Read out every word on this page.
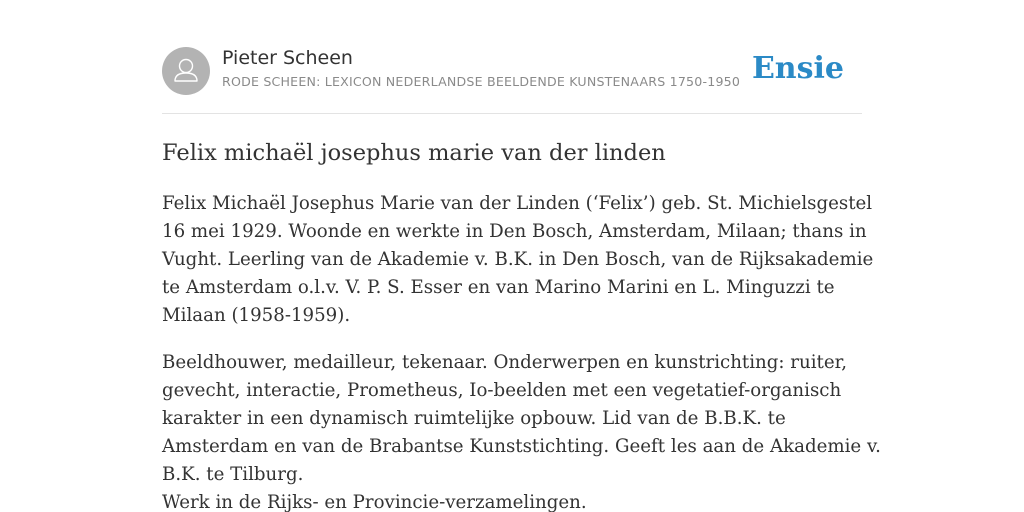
Pieter Scheen
RODE SCHEEN: LEXICON NEDERLANDSE BEELDENDE KUNSTENAARS 1750-1950 Ensie
Felix michaël josephus marie van der linden

Felix Michaël Josephus Marie van der Linden (‘Felix’) geb. St. Michielsgestel 16 mei 1929. Woonde en werkte in Den Bosch, Amsterdam, Milaan; thans in Vught. Leerling van de Akademie v. B.K. in Den Bosch, van de Rijksakademie te Amsterdam o.l.v. V. P. S. Esser en van Marino Marini en L. Minguzzi te Milaan (1958-1959).

Beeldhouwer, medailleur, tekenaar. Onderwerpen en kunstrichting: ruiter, gevecht, interactie, Prometheus, Io-beelden met een vegetatief-organisch karakter in een dynamisch ruimtelijke opbouw. Lid van de B.B.K. te Amsterdam en van de Brabantse Kunststichting. Geeft les aan de Akademie v. B.K. te Tilburg.

Werk in de Rijks- en Provincie-verzamelingen.
